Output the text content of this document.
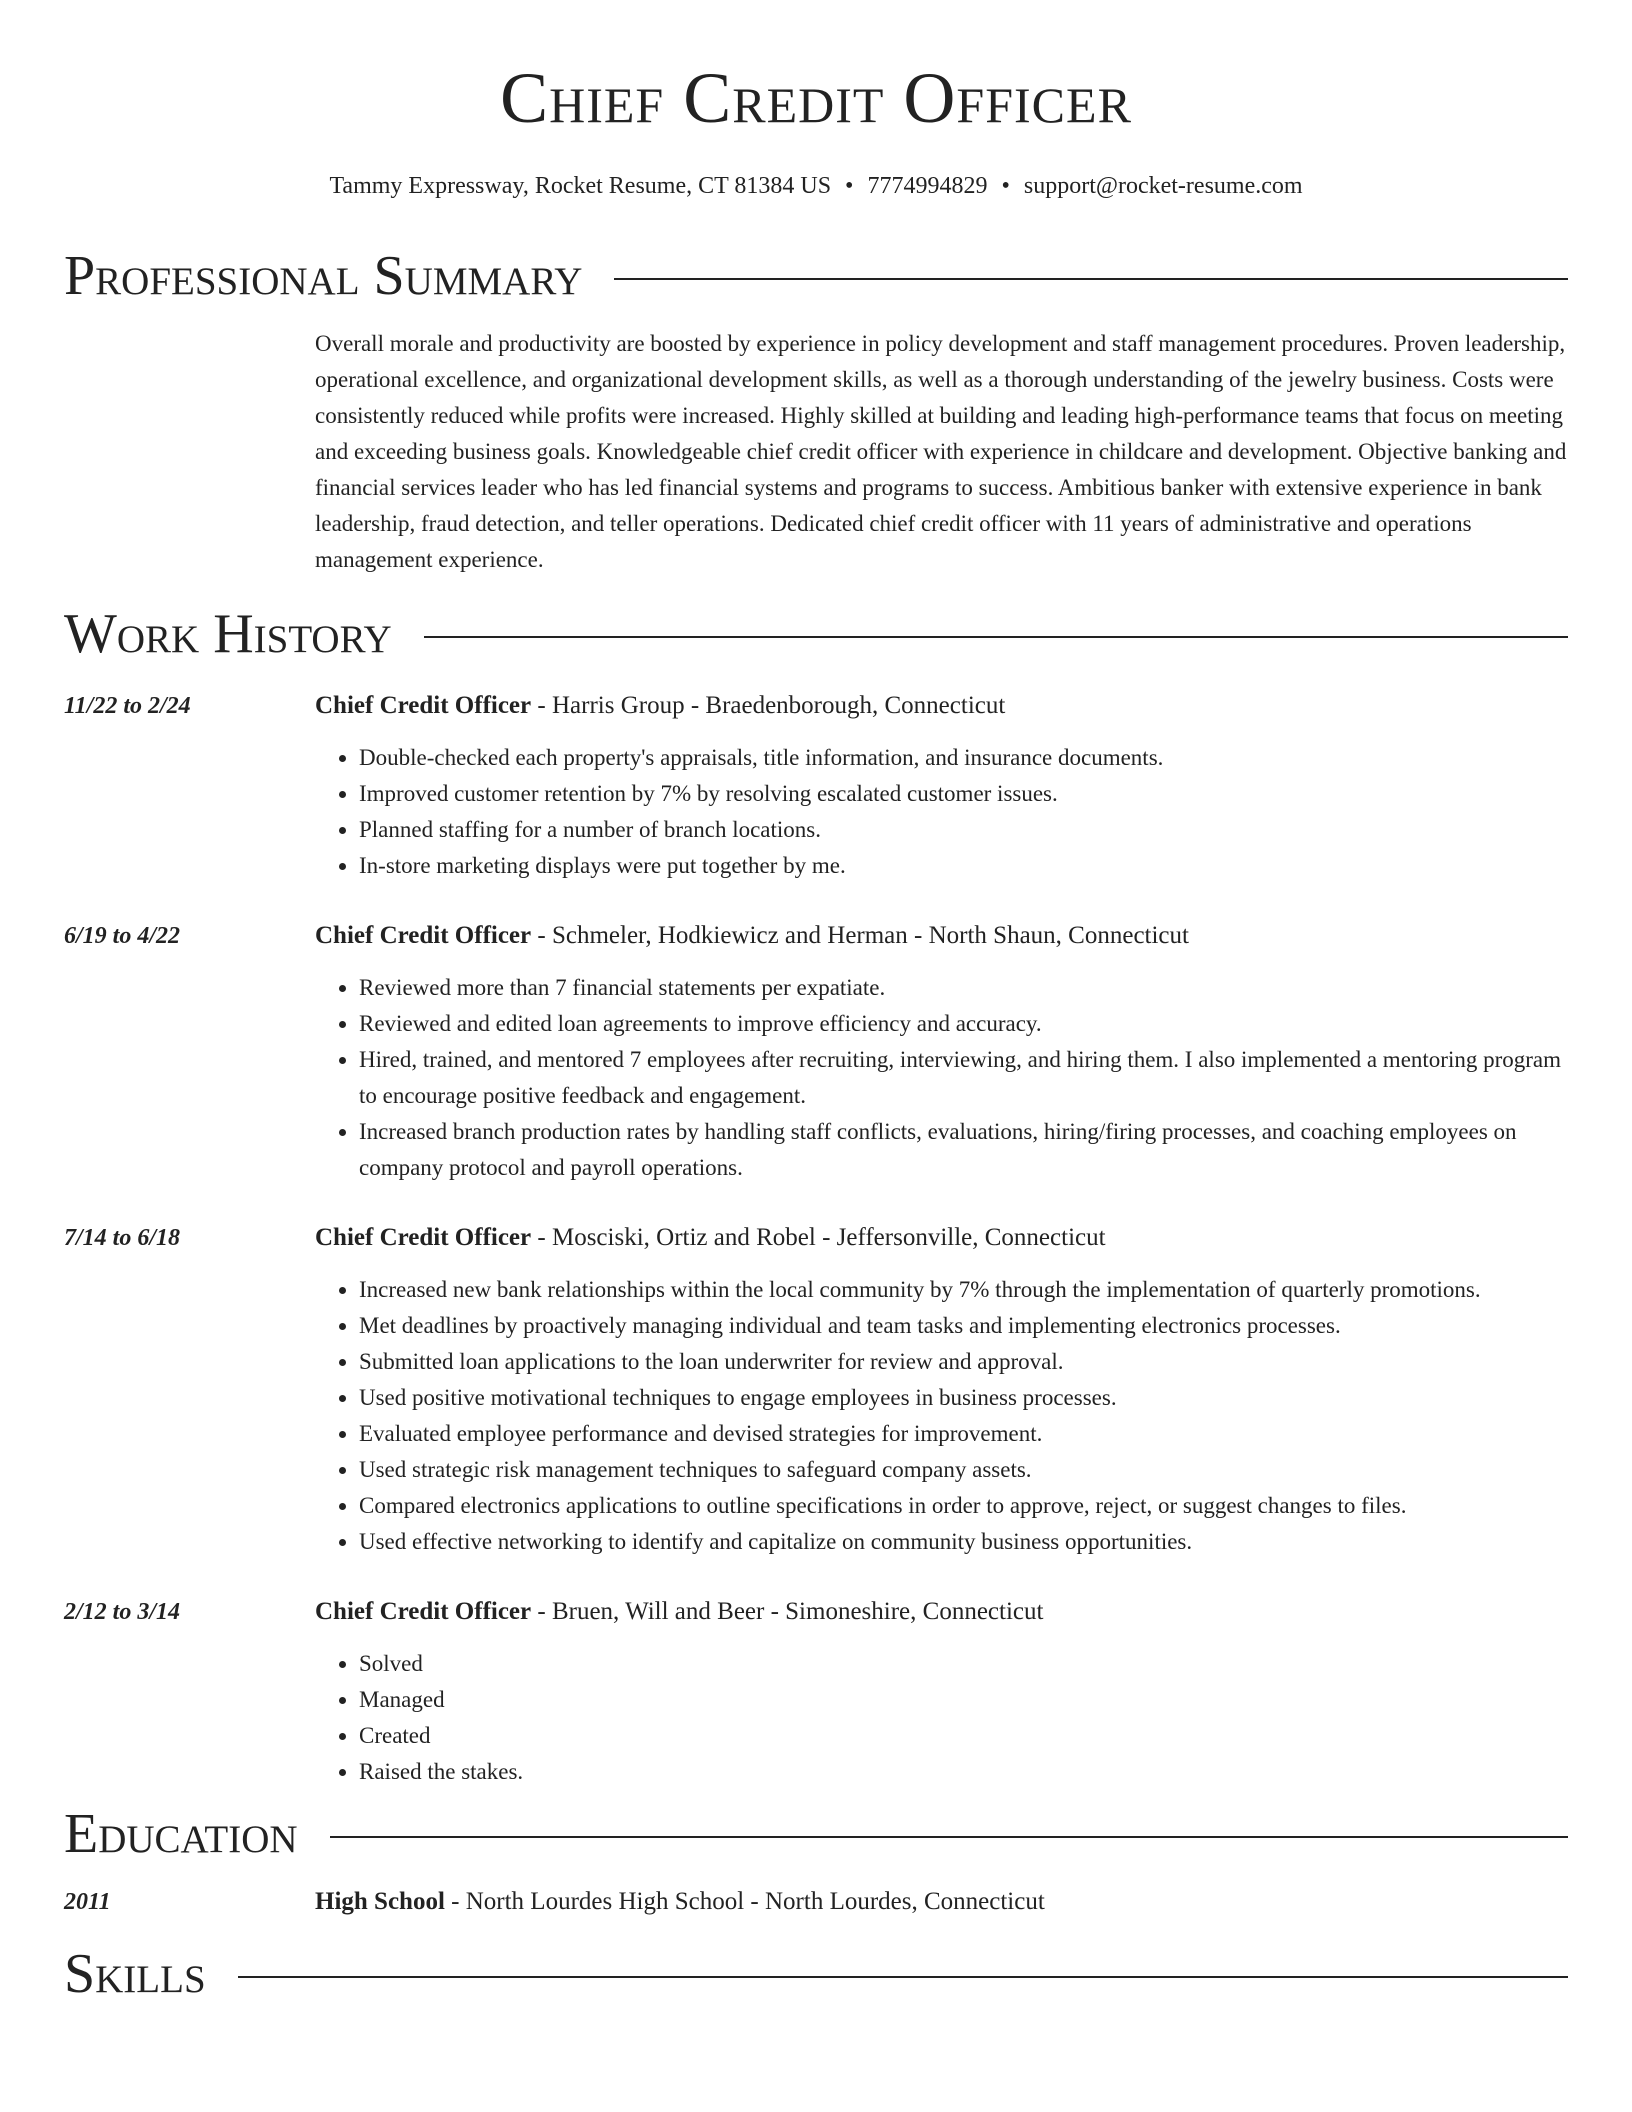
Chief Credit Officer
Tammy Expressway, Rocket Resume, CT 81384 US • 7774994829 • support@rocket-resume.com
Professional Summary
Overall morale and productivity are boosted by experience in policy development and staff management procedures. Proven leadership, operational excellence, and organizational development skills, as well as a thorough understanding of the jewelry business. Costs were consistently reduced while profits were increased. Highly skilled at building and leading high-performance teams that focus on meeting and exceeding business goals. Knowledgeable chief credit officer with experience in childcare and development. Objective banking and financial services leader who has led financial systems and programs to success. Ambitious banker with extensive experience in bank leadership, fraud detection, and teller operations. Dedicated chief credit officer with 11 years of administrative and operations management experience.
Work History
11/22 to 2/24	Chief Credit Officer - Harris Group - Braedenborough, Connecticut
• Double-checked each property's appraisals, title information, and insurance documents.
• Improved customer retention by 7% by resolving escalated customer issues.
• Planned staffing for a number of branch locations.
• In-store marketing displays were put together by me.
6/19 to 4/22	Chief Credit Officer - Schmeler, Hodkiewicz and Herman - North Shaun, Connecticut
• Reviewed more than 7 financial statements per expatiate.
• Reviewed and edited loan agreements to improve efficiency and accuracy.
• Hired, trained, and mentored 7 employees after recruiting, interviewing, and hiring them. I also implemented a mentoring program to encourage positive feedback and engagement.
• Increased branch production rates by handling staff conflicts, evaluations, hiring/firing processes, and coaching employees on company protocol and payroll operations.
7/14 to 6/18	Chief Credit Officer - Mosciski, Ortiz and Robel - Jeffersonville, Connecticut
• Increased new bank relationships within the local community by 7% through the implementation of quarterly promotions.
• Met deadlines by proactively managing individual and team tasks and implementing electronics processes.
• Submitted loan applications to the loan underwriter for review and approval.
• Used positive motivational techniques to engage employees in business processes.
• Evaluated employee performance and devised strategies for improvement.
• Used strategic risk management techniques to safeguard company assets.
• Compared electronics applications to outline specifications in order to approve, reject, or suggest changes to files.
• Used effective networking to identify and capitalize on community business opportunities.
2/12 to 3/14	Chief Credit Officer - Bruen, Will and Beer - Simoneshire, Connecticut
• Solved
• Managed
• Created
• Raised the stakes.
Education
2011	High School - North Lourdes High School - North Lourdes, Connecticut
Skills
